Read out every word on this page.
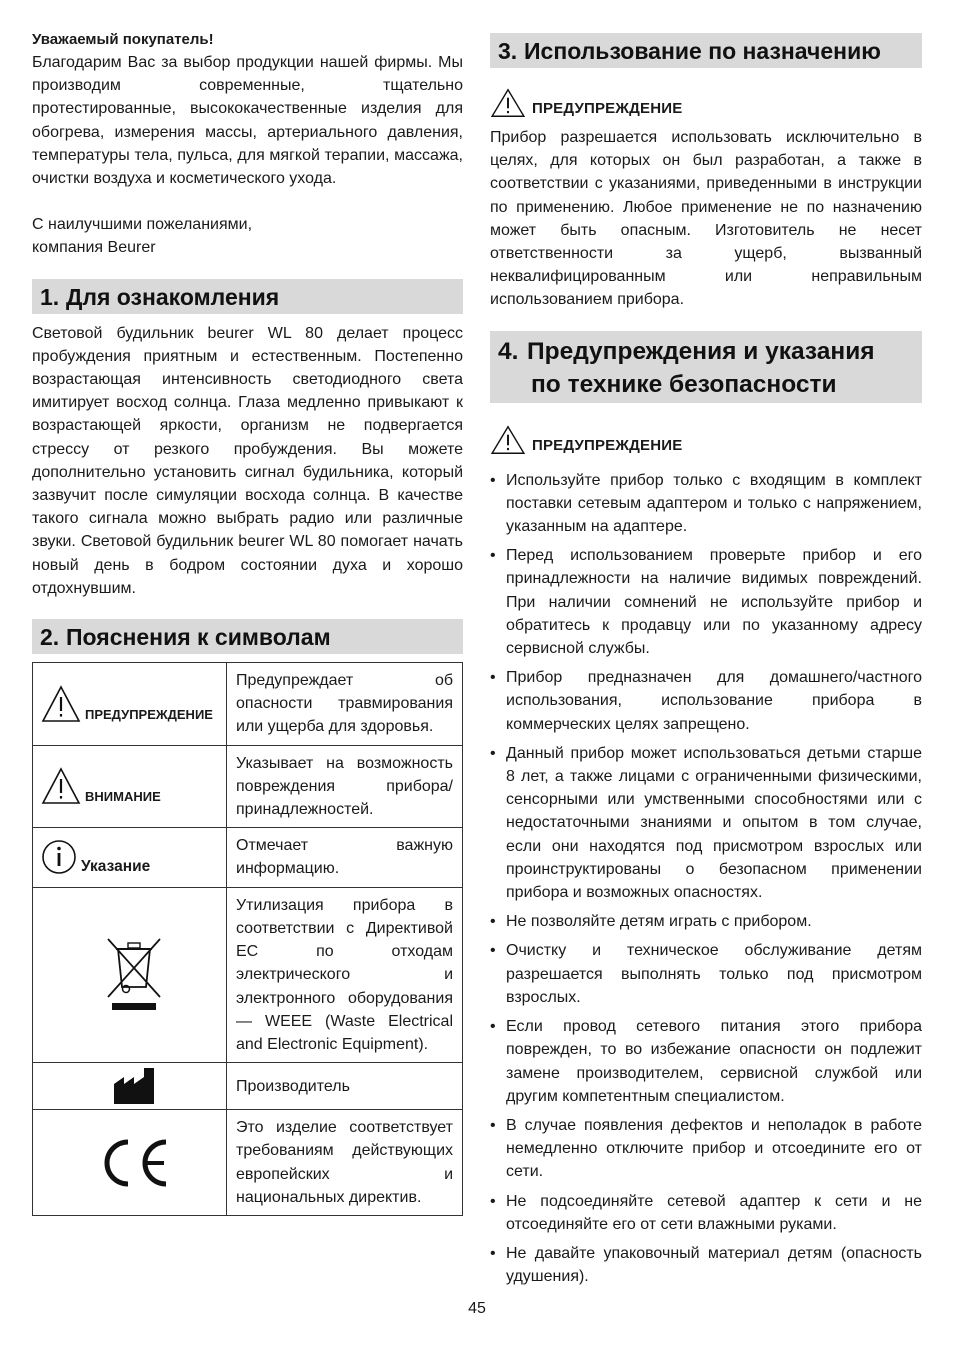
Уважаемый покупатель!

Благодарим Вас за выбор продукции нашей фирмы. Мы производим современные, тщательно протестированные, высококачественные изделия для обогрева, измерения массы, артериального давления, температуры тела, пульса, для мягкой терапии, массажа, очистки воздуха и косметического ухода.

С наилучшими пожеланиями,

компания Beurer

1. Для ознакомления

Световой будильник beurer WL 80 делает процесс пробуждения приятным и естественным. Постепенно возрастающая интенсивность светодиодного света имитирует восход солнца. Глаза медленно привыкают к возрастающей яркости, организм не подвергается стрессу от резкого пробуждения. Вы можете дополнительно установить сигнал будильника, который зазвучит после симуляции восхода солнца. В качестве такого сигнала можно выбрать радио или различные звуки. Световой будильник beurer WL 80 помогает начать новый день в бодром состоянии духа и хорошо отдохнувшим.

2. Пояснения к символам
ПРЕДУПРЕЖДЕНИЕ	Предупреждает об опасности травмирования или ущерба для здоровья.

ВНИМАНИЕ	Указывает на возможность повреждения прибора/принадлежностей.

Указание	Отмечает важную информацию.

	Утилизация прибора в соответствии с Директивой ЕС по отходам электрического и электронного оборудования — WEEE (Waste Electrical and Electronic Equipment).

	Производитель

	Это изделие соответствует требованиям действующих европейских и национальных директив.
3. Использование по назначению
ПРЕДУПРЕЖДЕНИЕ

Прибор разрешается использовать исключительно в целях, для которых он был разработан, а также в соответствии с указаниями, приведенными в инструкции по применению. Любое применение не по назначению может быть опасным. Изготовитель не несет ответственности за ущерб, вызванный неквалифицированным или неправильным использованием прибора.

4. Предупреждения и указания
по технике безопасности
ПРЕДУПРЕЖДЕНИЕ
• Используйте прибор только с входящим в комплект поставки сетевым адаптером и только с напряжением, указанным на адаптере.
• Перед использованием проверьте прибор и его принадлежности на наличие видимых повреждений. При наличии сомнений не используйте прибор и обратитесь к продавцу или по указанному адресу сервисной службы.
• Прибор предназначен для домашнего/частного использования, использование прибора в коммерческих целях запрещено.
• Данный прибор может использоваться детьми старше 8 лет, а также лицами с ограниченными физическими, сенсорными или умственными способностями или с недостаточными знаниями и опытом в том случае, если они находятся под присмотром взрослых или проинструктированы о безопасном применении прибора и возможных опасностях.
• Не позволяйте детям играть с прибором.
• Очистку и техническое обслуживание детям разрешается выполнять только под присмотром взрослых.
• Если провод сетевого питания этого прибора поврежден, то во избежание опасности он подлежит замене производителем, сервисной службой или другим компетентным специалистом.
• В случае появления дефектов и неполадок в работе немедленно отключите прибор и отсоедините его от сети.
• Не подсоединяйте сетевой адаптер к сети и не отсоединяйте его от сети влажными руками.
• Не давайте упаковочный материал детям (опасность удушения).
45
